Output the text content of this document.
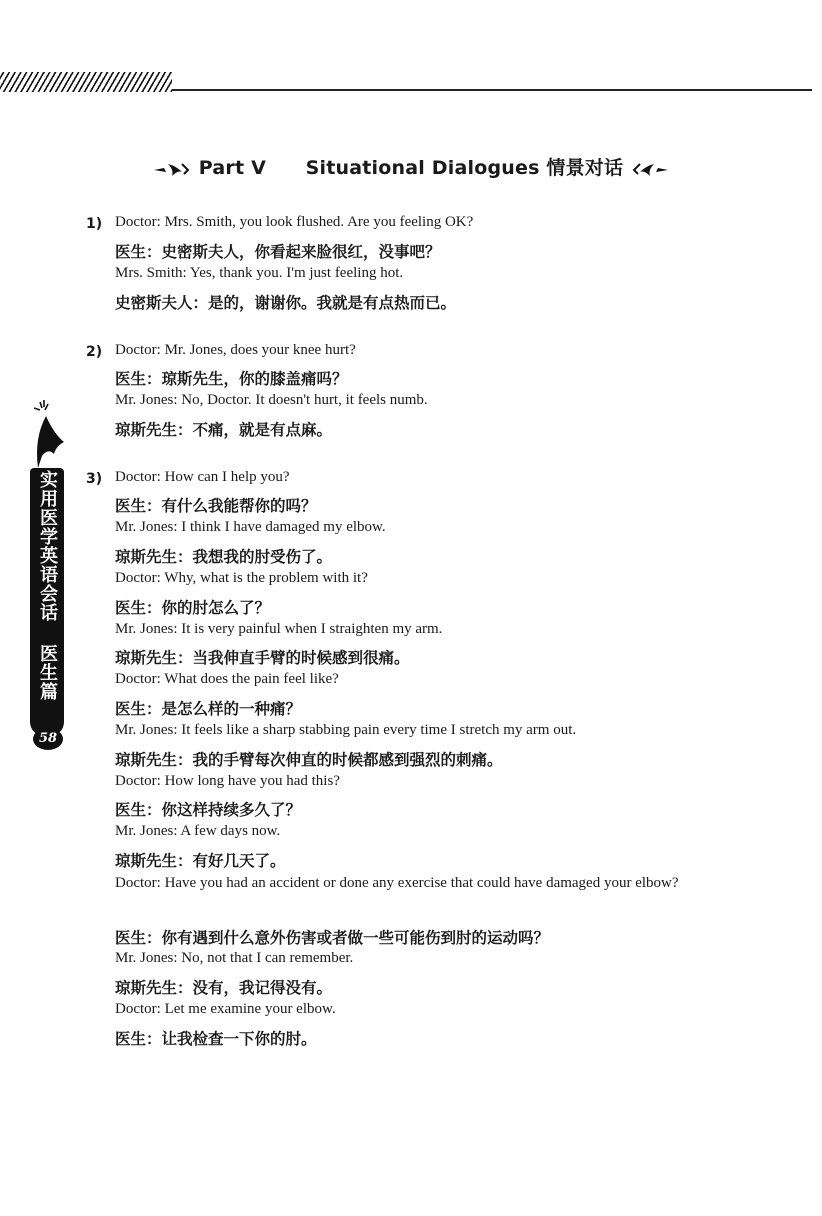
Part Ⅴ Situational Dialogues 情景对话
实用医学英语会话 医生篇
58
1) Doctor: Mrs. Smith, you look flushed. Are you feeling OK?
医生：史密斯夫人，你看起来脸很红，没事吧？
Mrs. Smith: Yes, thank you. I'm just feeling hot.
史密斯夫人：是的，谢谢你。我就是有点热而已。
2) Doctor: Mr. Jones, does your knee hurt?
医生：琼斯先生，你的膝盖痛吗？
Mr. Jones: No, Doctor. It doesn't hurt, it feels numb.
琼斯先生：不痛，就是有点麻。
3) Doctor: How can I help you?
医生：有什么我能帮你的吗？
Mr. Jones: I think I have damaged my elbow.
琼斯先生：我想我的肘受伤了。
Doctor: Why, what is the problem with it?
医生：你的肘怎么了？
Mr. Jones: It is very painful when I straighten my arm.
琼斯先生：当我伸直手臂的时候感到很痛。
Doctor: What does the pain feel like?
医生：是怎么样的一种痛？
Mr. Jones: It feels like a sharp stabbing pain every time I stretch my arm out.
琼斯先生：我的手臂每次伸直的时候都感到强烈的刺痛。
Doctor: How long have you had this?
医生：你这样持续多久了？
Mr. Jones: A few days now.
琼斯先生：有好几天了。
Doctor: Have you had an accident or done any exercise that could have damaged your elbow?
医生：你有遇到什么意外伤害或者做一些可能伤到肘的运动吗？
Mr. Jones: No, not that I can remember.
琼斯先生：没有，我记得没有。
Doctor: Let me examine your elbow.
医生：让我检查一下你的肘。
